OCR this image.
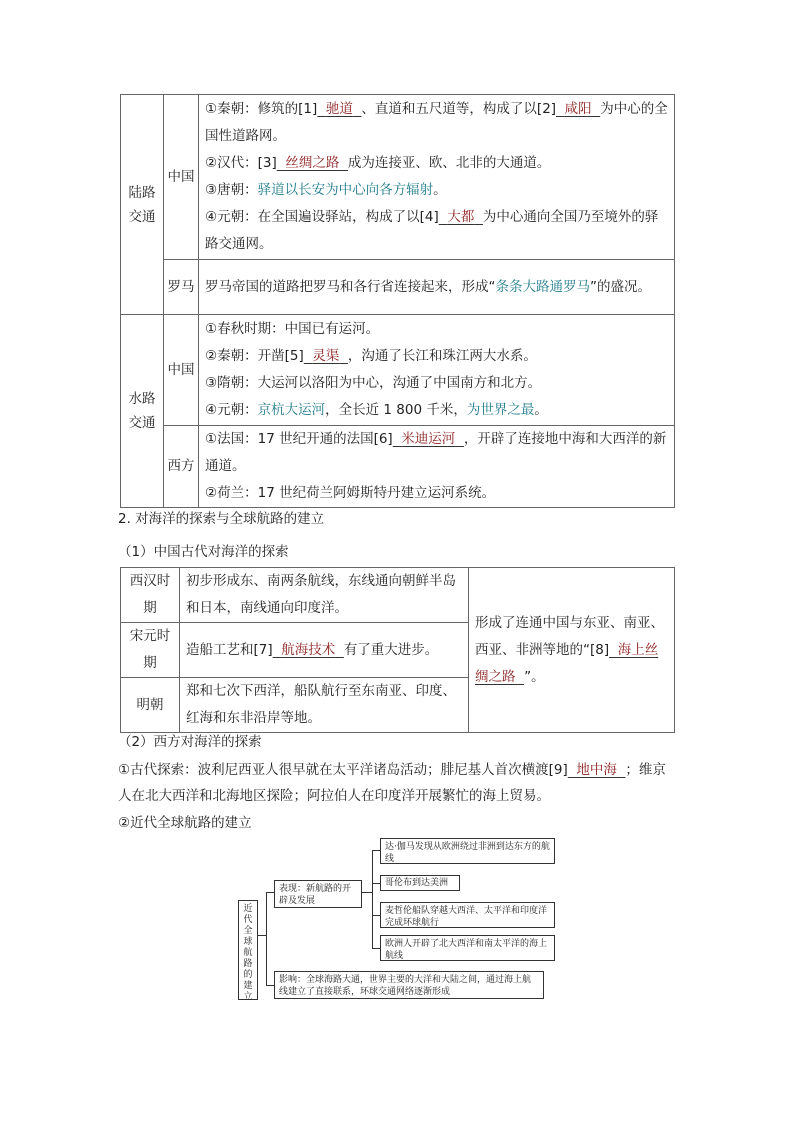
陆路交通	中国	①秦朝：修筑的[1] 驰道 、直道和五尺道等，构成了以[2] 咸阳 为中心的全国性道路网。
②汉代：[3] 丝绸之路 成为连接亚、欧、北非的大通道。
③唐朝：驿道以长安为中心向各方辐射。
④元朝：在全国遍设驿站，构成了以[4] 大都 为中心通向全国乃至境外的驿路交通网。

	罗马	罗马帝国的道路把罗马和各行省连接起来，形成“条条大路通罗马”的盛况。
水路交通	中国	①春秋时期：中国已有运河。
②秦朝：开凿[5] 灵渠 ，沟通了长江和珠江两大水系。
③隋朝：大运河以洛阳为中心，沟通了中国南方和北方。
④元朝：京杭大运河，全长近 1 800 千米，为世界之最。

	西方	①法国：17 世纪开通的法国[6] 米迪运河 ，开辟了连接地中海和大西洋的新通道。
②荷兰：17 世纪荷兰阿姆斯特丹建立运河系统。
2. 对海洋的探索与全球航路的建立
（1）中国古代对海洋的探索
西汉时期	初步形成东、南两条航线，东线通向朝鲜半岛和日本，南线通向印度洋。	形成了连通中国与东亚、南亚、西亚、非洲等地的“[8] 海上丝绸之路 ”。
宋元时期	造船工艺和[7] 航海技术 有了重大进步。	
明朝	郑和七次下西洋，船队航行至东南亚、印度、红海和东非沿岸等地。	
（2）西方对海洋的探索
①古代探索：波利尼西亚人很早就在太平洋诸岛活动；腓尼基人首次横渡[9] 地中海 ；维京人在北大西洋和北海地区探险；阿拉伯人在印度洋开展繁忙的海上贸易。
②近代全球航路的建立
近代全球航路的建立
表现：新航路的开辟及发展
达·伽马发现从欧洲绕过非洲到达东方的航线
哥伦布到达美洲
麦哲伦船队穿越大西洋、太平洋和印度洋完成环球航行
欧洲人开辟了北大西洋和南太平洋的海上航线
影响：全球海路大通，世界主要的大洋和大陆之间，通过海上航线建立了直接联系，环球交通网络逐渐形成
